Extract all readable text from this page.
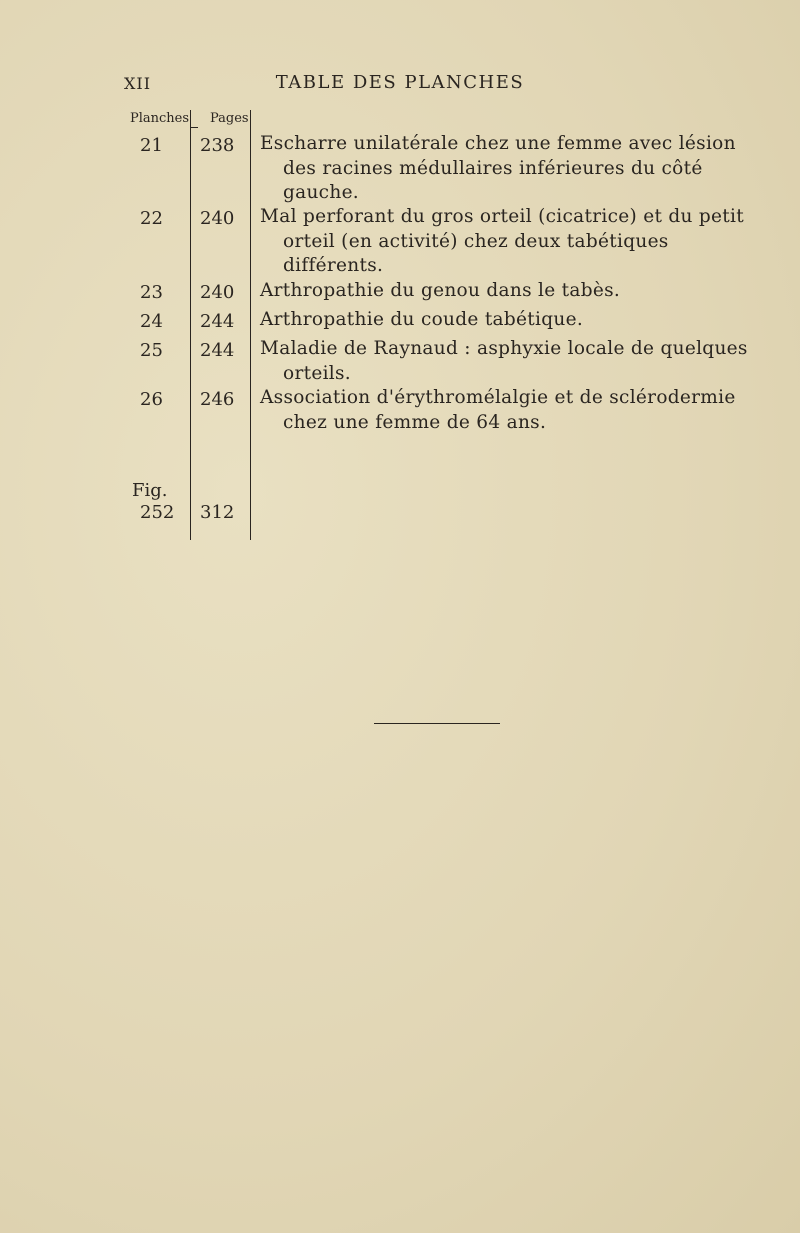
XII	TABLE DES PLANCHES
Planches Pages
21	238	Escharre unilatérale chez une femme avec lésion des racines médullaires inférieures du côté gauche.
22	240	Mal perforant du gros orteil (cicatrice) et du petit orteil (en activité) chez deux tabétiques différents.
23	240	Arthropathie du genou dans le tabès.
24	244	Arthropathie du coude tabétique.
25	244	Maladie de Raynaud : asphyxie locale de quelques orteils.
26	246	Association d'érythromélalgie et de sclérodermie chez une femme de 64 ans.
Fig.
252	312
